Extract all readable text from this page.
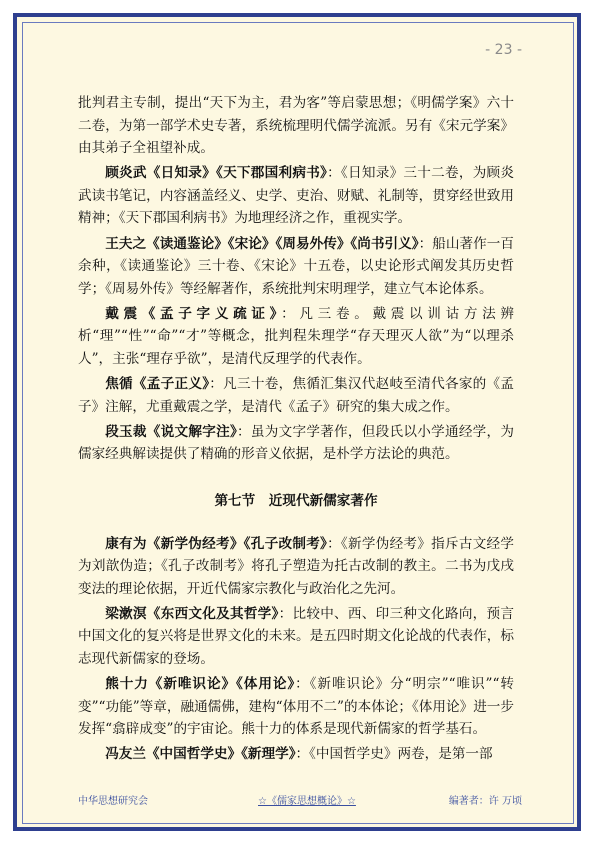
- 23 -

批判君主专制，提出“天下为主，君为客”等启蒙思想；《明儒学案》六十二卷，为第一部学术史专著，系统梳理明代儒学流派。另有《宋元学案》由其弟子全祖望补成。

顾炎武《日知录》《天下郡国利病书》：《日知录》三十二卷，为顾炎武读书笔记，内容涵盖经义、史学、吏治、财赋、礼制等，贯穿经世致用精神；《天下郡国利病书》为地理经济之作，重视实学。

王夫之《读通鉴论》《宋论》《周易外传》《尚书引义》：船山著作一百余种，《读通鉴论》三十卷、《宋论》十五卷，以史论形式阐发其历史哲学；《周易外传》等经解著作，系统批判宋明理学，建立气本论体系。

戴震《孟子字义疏证》：凡三卷。戴震以训诂方法辨析“理”“性”“命”“才”等概念，批判程朱理学“存天理灭人欲”为“以理杀人”，主张“理存乎欲”，是清代反理学的代表作。

焦循《孟子正义》：凡三十卷，焦循汇集汉代赵岐至清代各家的《孟子》注解，尤重戴震之学，是清代《孟子》研究的集大成之作。

段玉裁《说文解字注》：虽为文字学著作，但段氏以小学通经学，为儒家经典解读提供了精确的形音义依据，是朴学方法论的典范。

第七节　近现代新儒家著作

康有为《新学伪经考》《孔子改制考》：《新学伪经考》指斥古文经学为刘歆伪造；《孔子改制考》将孔子塑造为托古改制的教主。二书为戊戌变法的理论依据，开近代儒家宗教化与政治化之先河。

梁漱溟《东西文化及其哲学》：比较中、西、印三种文化路向，预言中国文化的复兴将是世界文化的未来。是五四时期文化论战的代表作，标志现代新儒家的登场。

熊十力《新唯识论》《体用论》：《新唯识论》分“明宗”“唯识”“转变”“功能”等章，融通儒佛，建构“体用不二”的本体论；《体用论》进一步发挥“翕辟成变”的宇宙论。熊十力的体系是现代新儒家的哲学基石。

冯友兰《中国哲学史》《新理学》：《中国哲学史》两卷，是第一部

中华思想研究会	☆《儒家思想概论》☆	编著者：许 万顷
